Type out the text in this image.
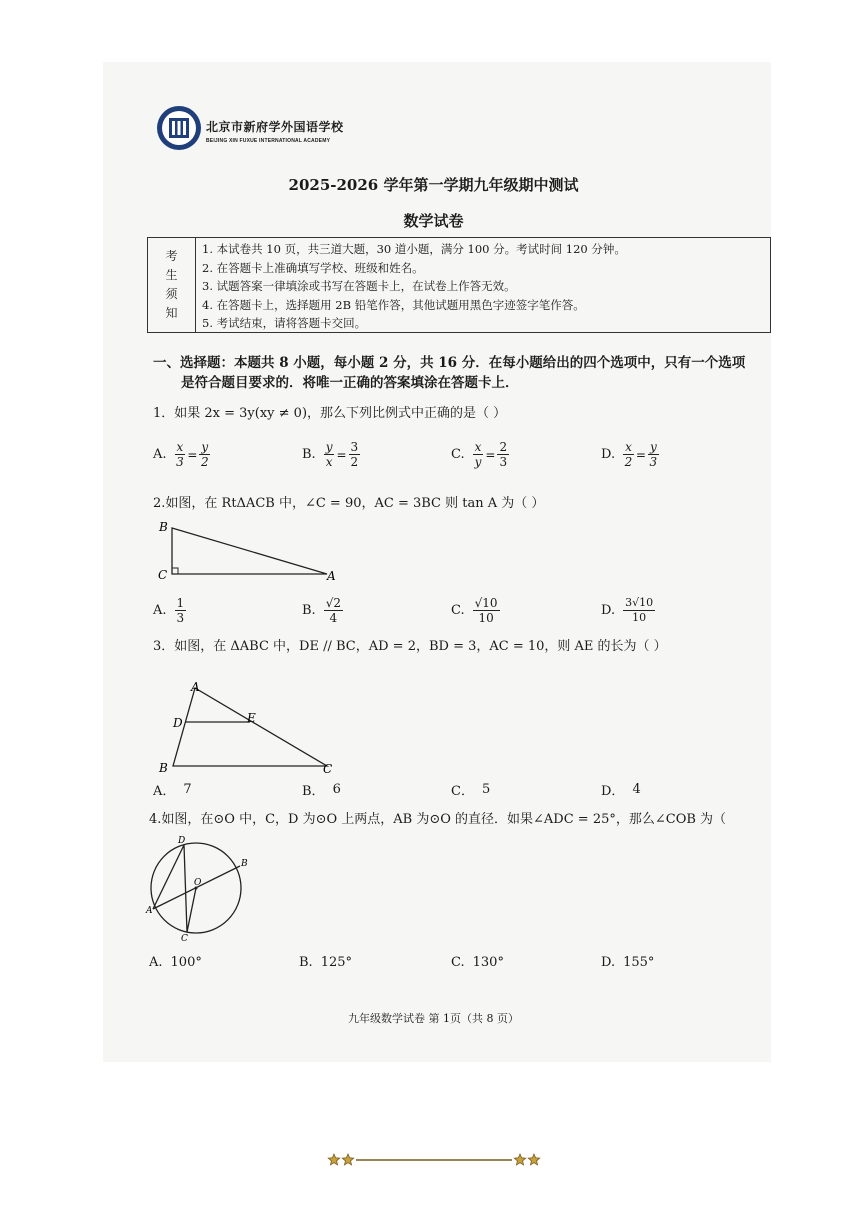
北京市新府学外国语学校
BEIJING XIN FUXUE INTERNATIONAL ACADEMY
2025-2026 学年第一学期九年级期中测试
数学试卷
考
生
须
知
1. 本试卷共 10 页，共三道大题，30 道小题，满分 100 分。考试时间 120 分钟。
2. 在答题卡上准确填写学校、班级和姓名。
3. 试题答案一律填涂或书写在答题卡上，在试卷上作答无效。
4. 在答题卡上，选择题用 2B 铅笔作答，其他试题用黑色字迹签字笔作答。
5. 考试结束，请将答题卡交回。
一、选择题：本题共 8 小题，每小题 2 分，共 16 分．在每小题给出的四个选项中，只有一个选项
是符合题目要求的．将唯一正确的答案填涂在答题卡上．
1．如果 2x = 3y(xy ≠ 0)，那么下列比例式中正确的是（ ）
A. $\frac{x}{3} = \frac{y}{2}$	B. $\frac{y}{x} = \frac{3}{2}$	C. $\frac{x}{y} = \frac{2}{3}$	D. $\frac{x}{2} = \frac{y}{3}$
2.如图，在 RtΔACB 中，∠C = 90，AC = 3BC 则 tan A 为（ ）
B
C	A
A. $\frac{1}{3}$	B. $\frac{√2}{4}$	C. $\frac{√10}{10}$	D. $\frac{3√10}{10}$
3．如图，在 ΔABC 中，DE // BC，AD = 2，BD = 3，AC = 10，则 AE 的长为（ ）
A
D	E
B	C
A． 7	B． 6	C． 5	D． 4
4.如图，在⊙O 中，C，D 为⊙O 上两点，AB 为⊙O 的直径．如果∠ADC = 25°，那么∠COB 为（
D
B
O
A
C
A. 100°	B. 125°	C. 130°	D. 155°
九年级数学试卷 第 1页（共 8 页）
